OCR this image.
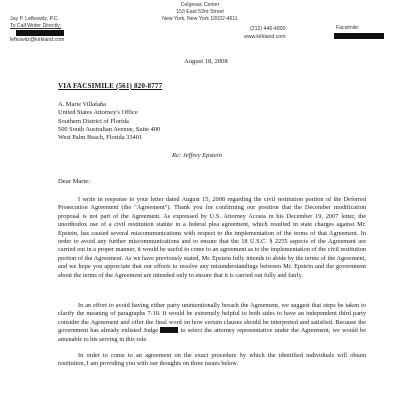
Celgesac Center
153 East 53rd Street
New York, New York 10022-4611
Jay P. Lefkowitz, P.C.
To Call Writer Directly:
lefkowitz@kirkland.com
(212) 446-4800
www.kirkland.com
Facsimile:
August 18, 2008
VIA FACSIMILE (561) 820-8777
A. Marie Villafaña
United States Attorney's Office
Southern District of Florida
500 South Australian Avenue, Suite 400
West Palm Beach, Florida 33401
Re: Jeffrey Epstein
Dear Marie:
I write in response to your letter dated August 15, 2008 regarding the civil restitution portion of the Deferred Prosecution Agreement (the "Agreement"). Thank you for confirming our position that the December modification proposal is not part of the Agreement. As expressed by U.S. Attorney Acosta in his December 19, 2007 letter, the unorthodox use of a civil restitution statute in a federal plea agreement, which resulted in state charges against Mr. Epstein, has caused several miscommunications with respect to the implementation of the terms of that Agreement. In order to avoid any further miscommunications and to ensure that the 18 U.S.C. § 2255 aspects of the Agreement are carried out in a proper manner, it would be useful to come to an agreement as to the implementation of the civil restitution portion of the Agreement. As we have previously stated, Mr. Epstein fully intends to abide by the terms of the Agreement, and we hope you appreciate that our efforts to resolve any misunderstandings between Mr. Epstein and the government about the terms of the Agreement are intended only to ensure that it is carried out fully and fairly.
In an effort to avoid having either party unintentionally breach the Agreement, we suggest that steps be taken to clarify the meaning of paragraphs 7-10. It would be extremely helpful to both sides to have an independent third party consider the Agreement and offer the final word on how certain clauses should be interpreted and satisfied. Because the government has already enlisted Judge	to select the attorney representative under the Agreement, we would be amenable to his serving in this role.
In order to come to an agreement on the exact procedure by which the identified individuals will obtain restitution, I am providing you with our thoughts on three issues below.
